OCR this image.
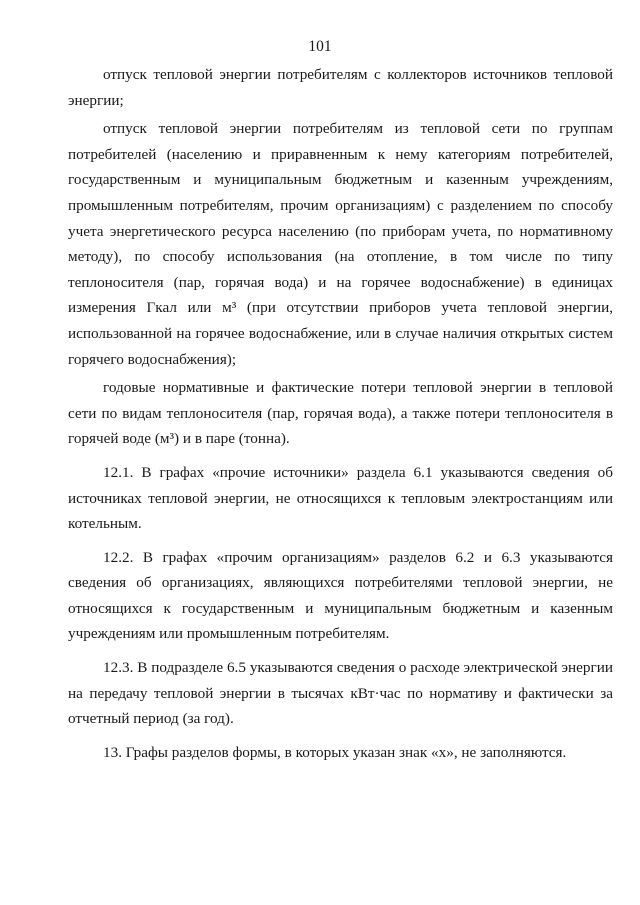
101

отпуск тепловой энергии потребителям с коллекторов источников тепловой энергии;

отпуск тепловой энергии потребителям из тепловой сети по группам потребителей (населению и приравненным к нему категориям потребителей, государственным и муниципальным бюджетным и казенным учреждениям, промышленным потребителям, прочим организациям) с разделением по способу учета энергетического ресурса населению (по приборам учета, по нормативному методу), по способу использования (на отопление, в том числе по типу теплоносителя (пар, горячая вода) и на горячее водоснабжение) в единицах измерения Гкал или м³ (при отсутствии приборов учета тепловой энергии, использованной на горячее водоснабжение, или в случае наличия открытых систем горячего водоснабжения);

годовые нормативные и фактические потери тепловой энергии в тепловой сети по видам теплоносителя (пар, горячая вода), а также потери теплоносителя в горячей воде (м³) и в паре (тонна).

12.1. В графах «прочие источники» раздела 6.1 указываются сведения об источниках тепловой энергии, не относящихся к тепловым электростанциям или котельным.

12.2. В графах «прочим организациям» разделов 6.2 и 6.3 указываются сведения об организациях, являющихся потребителями тепловой энергии, не относящихся к государственным и муниципальным бюджетным и казенным учреждениям или промышленным потребителям.

12.3. В подразделе 6.5 указываются сведения о расходе электрической энергии на передачу тепловой энергии в тысячах кВт·час по нормативу и фактически за отчетный период (за год).

13. Графы разделов формы, в которых указан знак «х», не заполняются.
